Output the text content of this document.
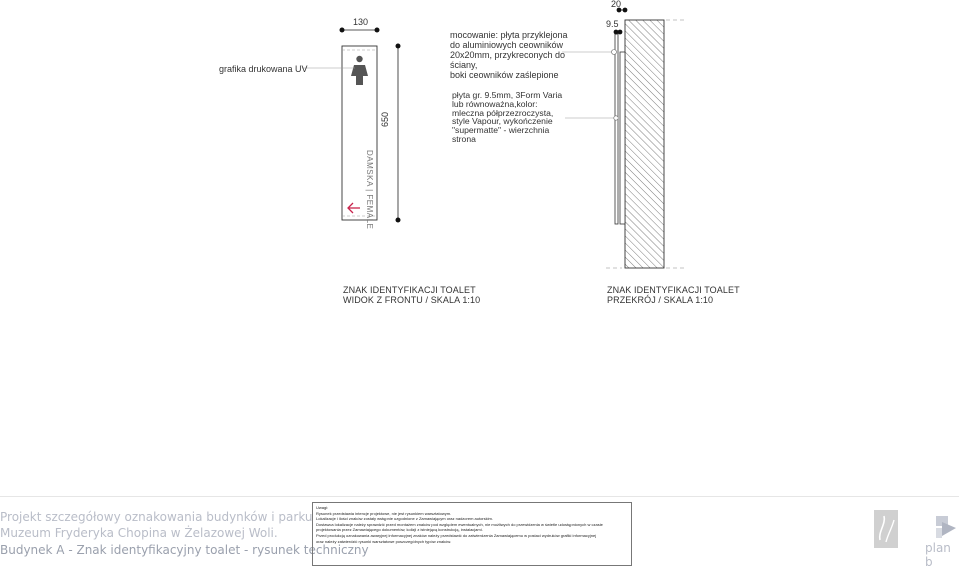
130
650
DAMSKA | FEMALE
grafika drukowana UV
mocowanie: płyta przyklejona
do aluminiowych ceowników
20x20mm, przykreconych do
ściany,
boki ceowników zaślepione
płyta gr. 9.5mm, 3Form Varia
lub równoważna,kolor:
mleczna półprzezroczysta,
style Vapour, wykończenie
"supermatte" - wierzchnia
strona
20
9.5
ZNAK IDENTYFIKACJI TOALET
WIDOK Z FRONTU / SKALA 1:10
ZNAK IDENTYFIKACJI TOALET
PRZEKRÓJ / SKALA 1:10
Projekt szczegółowy oznakowania budynków i parku
Muzeum Fryderyka Chopina w Żelazowej Woli.
Budynek A - Znak identyfikacyjny toalet - rysunek techniczny
Uwagi:
Rysunek przedstawia intencje projektowe, nie jest rysunkiem warsztatowym.
Lokalizacje i ilości znaków zostały wstępnie uzgodnione z Zamawiającym oraz nadzorem autorskim.
Dostawca lokalizacje należy sprawdzić przed montażem znaków pod względem ewentualnych, nie możliwych do przewidzenia w świetle udostępnionych w czasie
projektowania przez Zamawiającego dokumentów, kolizji z istniejącą konstrukcją, instalacjami.
Przed produkcją oznakowania awaryjnej informacyjnej znaków należy przedstawić do zatwierdzenia Zamawiającemu w postaci wydruków grafiki informacyjnej
oraz należy zatwierdzić rysunki warsztatowe poszczególnych typów znaków.	plan b
